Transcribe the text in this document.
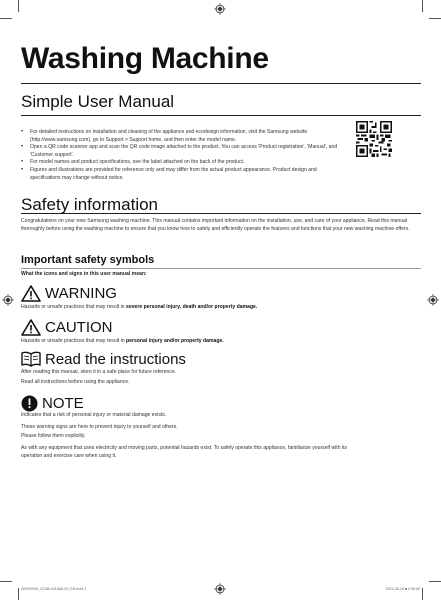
Washing Machine
Simple User Manual
• For detailed instructions on installation and cleaning of the appliance and ecodesign information, visit the Samsung website (http://www.samsung.com), go to Support > Support home, and then enter the model name.
• Open a QR code scanner app and scan the QR code image attached to the product. You can access 'Product registration', 'Manual', and 'Customer support'.
• For model names and product specifications, see the label attached on the back of the product.
• Figures and illustrations are provided for reference only and may differ from the actual product appearance. Product design and specifications may change without notice.
Safety information

Congratulations on your new Samsung washing machine. This manual contains important information on the installation, use, and care of your appliance. Read this manual thoroughly before using the washing machine to ensure that you know how to safely and efficiently operate the features and functions that your new washing machine offers.

Important safety symbols
What the icons and signs in this user manual mean:
WARNING
Hazards or unsafe practices that may result in severe personal injury, death and/or property damage.
CAUTION
Hazards or unsafe practices that may result in personal injury and/or property damage.
Read the instructions
After reading this manual, store it in a safe place for future reference.
Read all instructions before using the appliance.
NOTE
Indicates that a risk of personal injury or material damage exists.
These warning signs are here to prevent injury to yourself and others.
Please follow them explicitly.
As with any equipment that uses electricity and moving parts, potential hazards exist. To safely operate this appliance, familiarize yourself with its operation and exercise care when using it.
WW5000H_DC68-04165A-00_EN.indd 1	2021-05-18 ■ 2:06:50
